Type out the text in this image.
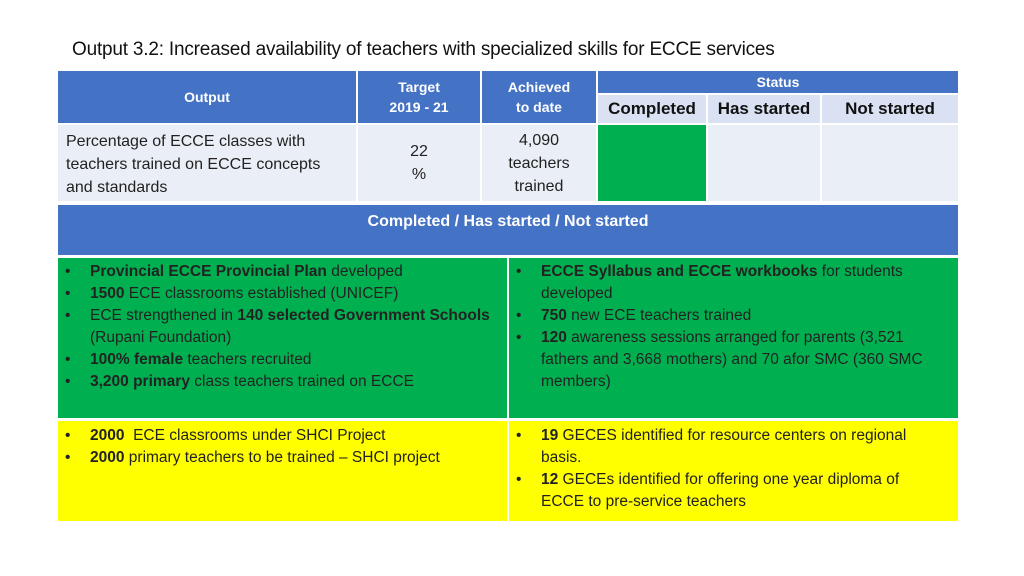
Output 3.2: Increased availability of teachers with specialized skills for ECCE services
Output
Target
2019 - 21
Achieved
to date
Status
Completed Has started Not started
Percentage of ECCE classes with teachers trained on ECCE concepts and standards
22
%
4,090
teachers
trained
Completed / Has started / Not started
• Provincial ECCE Provincial Plan developed
• 1500 ECE classrooms established (UNICEF)
• ECE strengthened in 140 selected Government Schools (Rupani Foundation)
• 100% female teachers recruited
• 3,200 primary class teachers trained on ECCE
• ECCE Syllabus and ECCE workbooks for students developed
• 750 new ECE teachers trained
• 120 awareness sessions arranged for parents (3,521 fathers and 3,668 mothers) and 70 afor SMC (360 SMC members)
• 2000  ECE classrooms under SHCI Project
• 2000 primary teachers to be trained – SHCI project
• 19 GECES identified for resource centers on regional basis.
• 12 GECEs identified for offering one year diploma of ECCE to pre-service teachers
